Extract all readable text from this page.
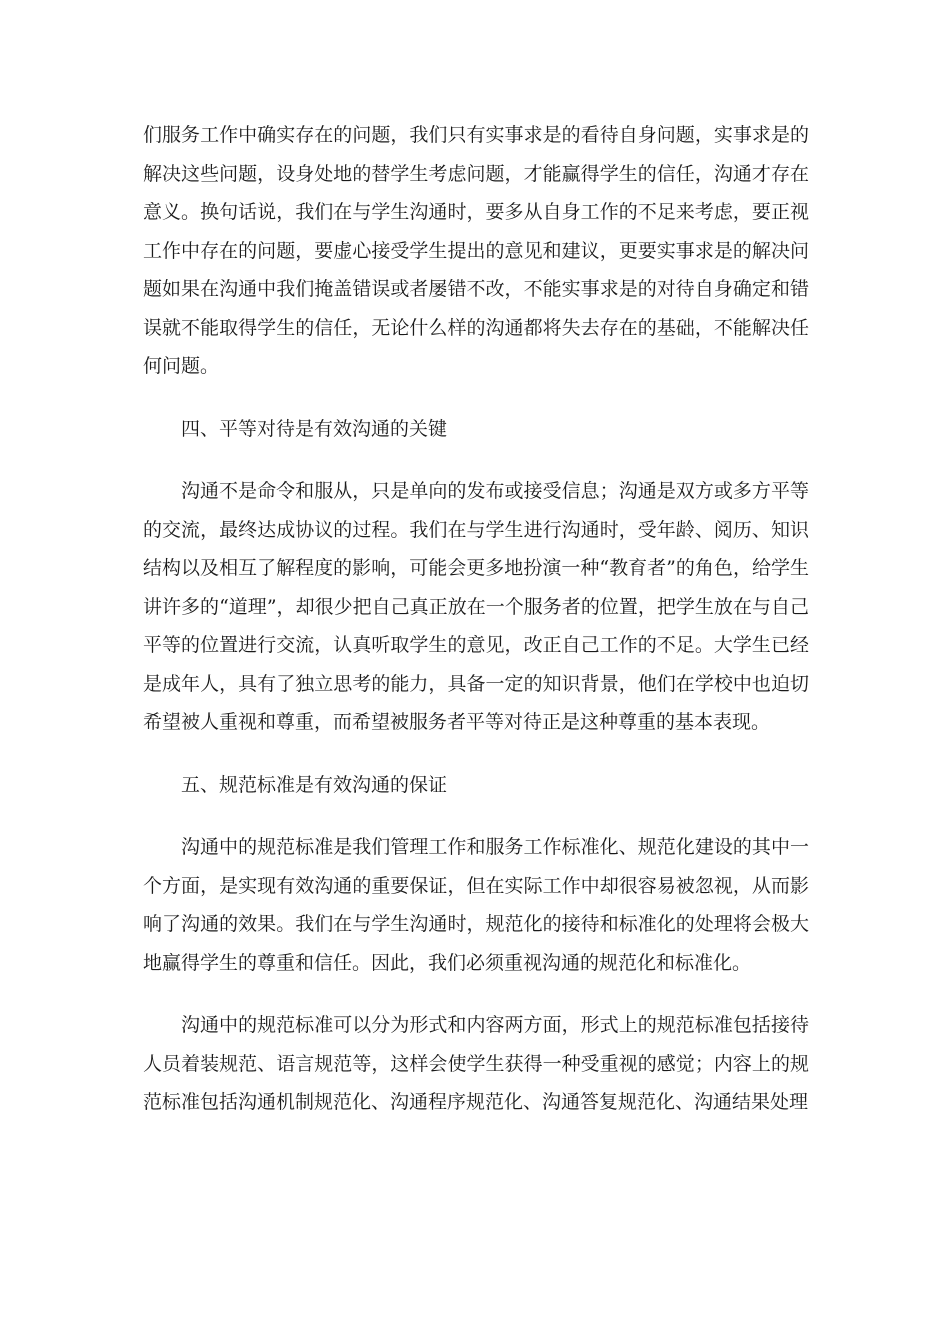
们服务工作中确实存在的问题，我们只有实事求是的看待自身问题，实事求是的解决这些问题，设身处地的替学生考虑问题，才能赢得学生的信任，沟通才存在意义。换句话说，我们在与学生沟通时，要多从自身工作的不足来考虑，要正视工作中存在的问题，要虚心接受学生提出的意见和建议，更要实事求是的解决问题如果在沟通中我们掩盖错误或者屡错不改，不能实事求是的对待自身确定和错误就不能取得学生的信任，无论什么样的沟通都将失去存在的基础，不能解决任何问题。

四、平等对待是有效沟通的关键

沟通不是命令和服从，只是单向的发布或接受信息；沟通是双方或多方平等的交流，最终达成协议的过程。我们在与学生进行沟通时，受年龄、阅历、知识结构以及相互了解程度的影响，可能会更多地扮演一种“教育者”的角色，给学生讲许多的“道理”，却很少把自己真正放在一个服务者的位置，把学生放在与自己平等的位置进行交流，认真听取学生的意见，改正自己工作的不足。大学生已经是成年人，具有了独立思考的能力，具备一定的知识背景，他们在学校中也迫切希望被人重视和尊重，而希望被服务者平等对待正是这种尊重的基本表现。

五、规范标准是有效沟通的保证

沟通中的规范标准是我们管理工作和服务工作标准化、规范化建设的其中一个方面，是实现有效沟通的重要保证，但在实际工作中却很容易被忽视，从而影响了沟通的效果。我们在与学生沟通时，规范化的接待和标准化的处理将会极大地赢得学生的尊重和信任。因此，我们必须重视沟通的规范化和标准化。

沟通中的规范标准可以分为形式和内容两方面，形式上的规范标准包括接待人员着装规范、语言规范等，这样会使学生获得一种受重视的感觉；内容上的规范标准包括沟通机制规范化、沟通程序规范化、沟通答复规范化、沟通结果处理
